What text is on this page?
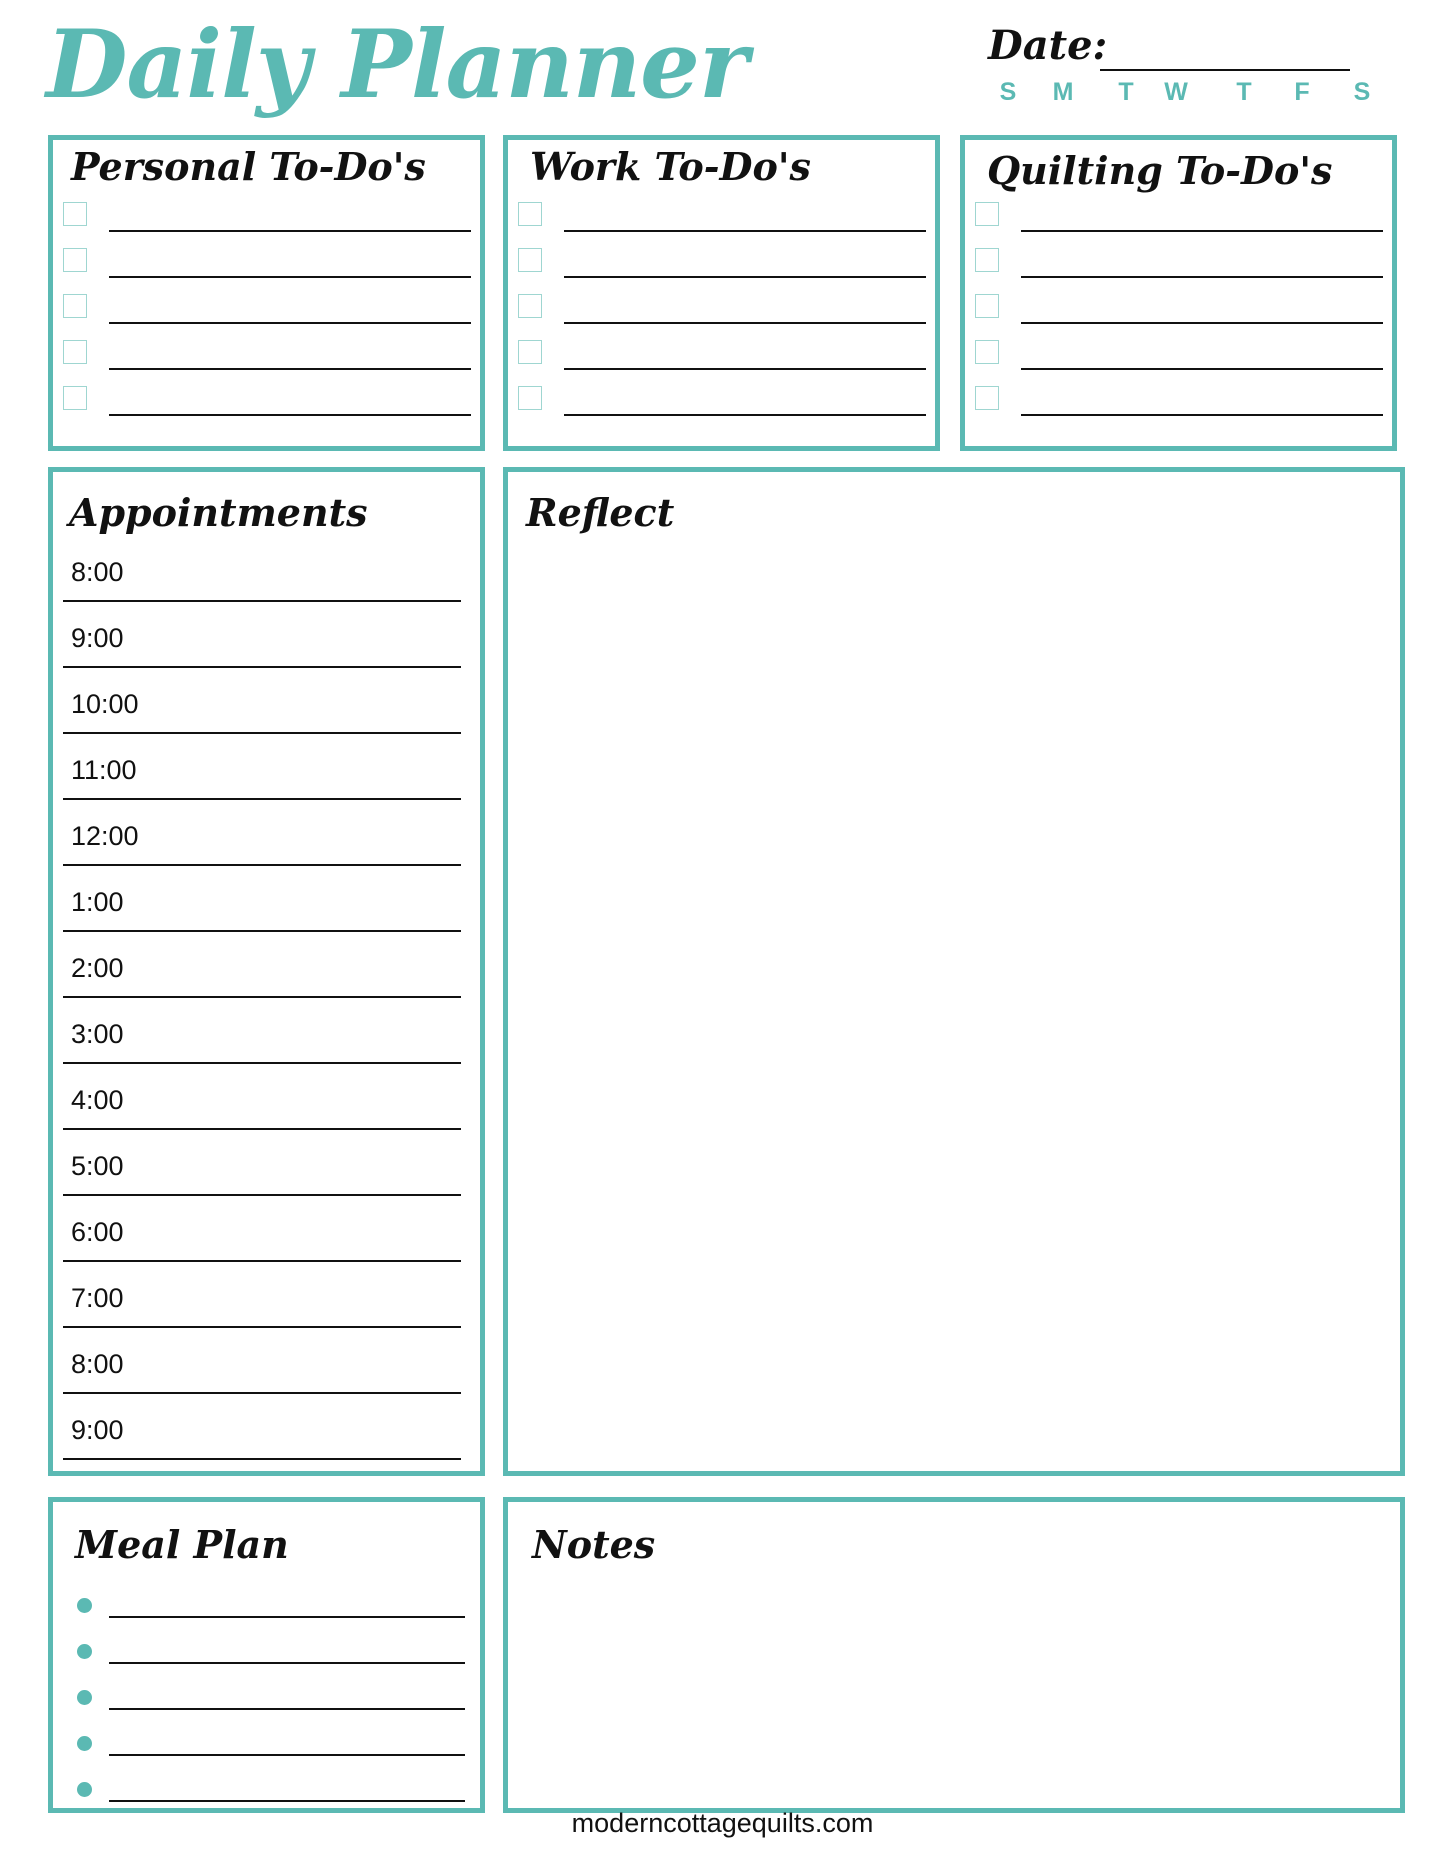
Daily Planner	Date:
S	M	T	W	T	F	S
Personal To-Do's	Work To-Do's	Quilting To-Do's
Appointments
8:00
9:00
10:00
11:00
12:00
1:00
2:00
3:00
4:00
5:00
6:00
7:00
8:00
9:00
Reflect
Meal Plan	Notes
moderncottagequilts.com
